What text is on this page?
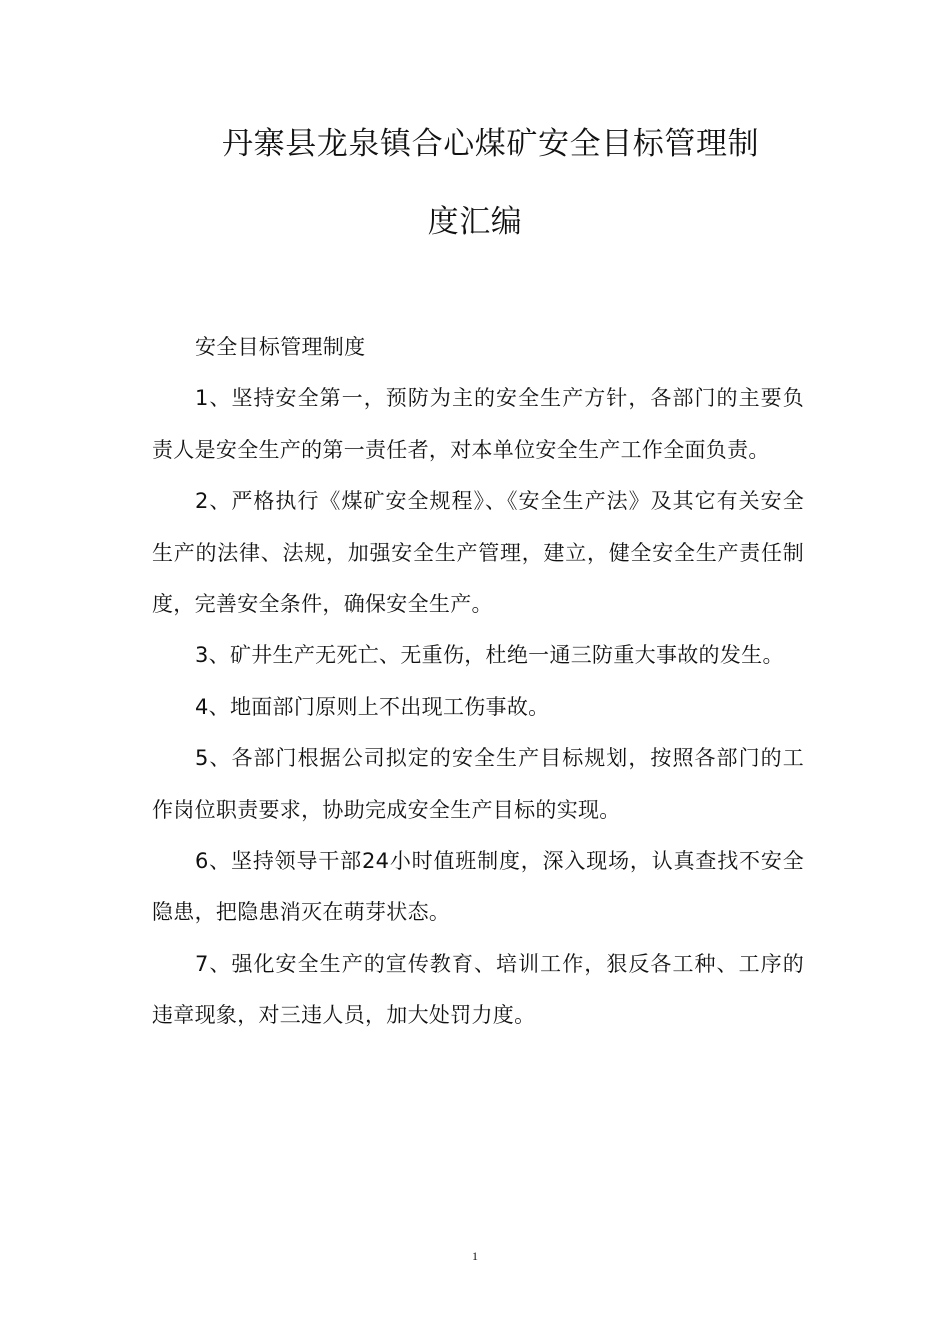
丹寨县龙泉镇合心煤矿安全目标管理制
度汇编

安全目标管理制度

1、坚持安全第一，预防为主的安全生产方针，各部门的主要负责人是安全生产的第一责任者，对本单位安全生产工作全面负责。

2、严格执行《煤矿安全规程》、《安全生产法》及其它有关安全生产的法律、法规，加强安全生产管理，建立，健全安全生产责任制度，完善安全条件，确保安全生产。

3、矿井生产无死亡、无重伤，杜绝一通三防重大事故的发生。

4、地面部门原则上不出现工伤事故。

5、各部门根据公司拟定的安全生产目标规划，按照各部门的工作岗位职责要求，协助完成安全生产目标的实现。

6、坚持领导干部24小时值班制度，深入现场，认真查找不安全隐患，把隐患消灭在萌芽状态。

7、强化安全生产的宣传教育、培训工作，狠反各工种、工序的违章现象，对三违人员，加大处罚力度。

1
